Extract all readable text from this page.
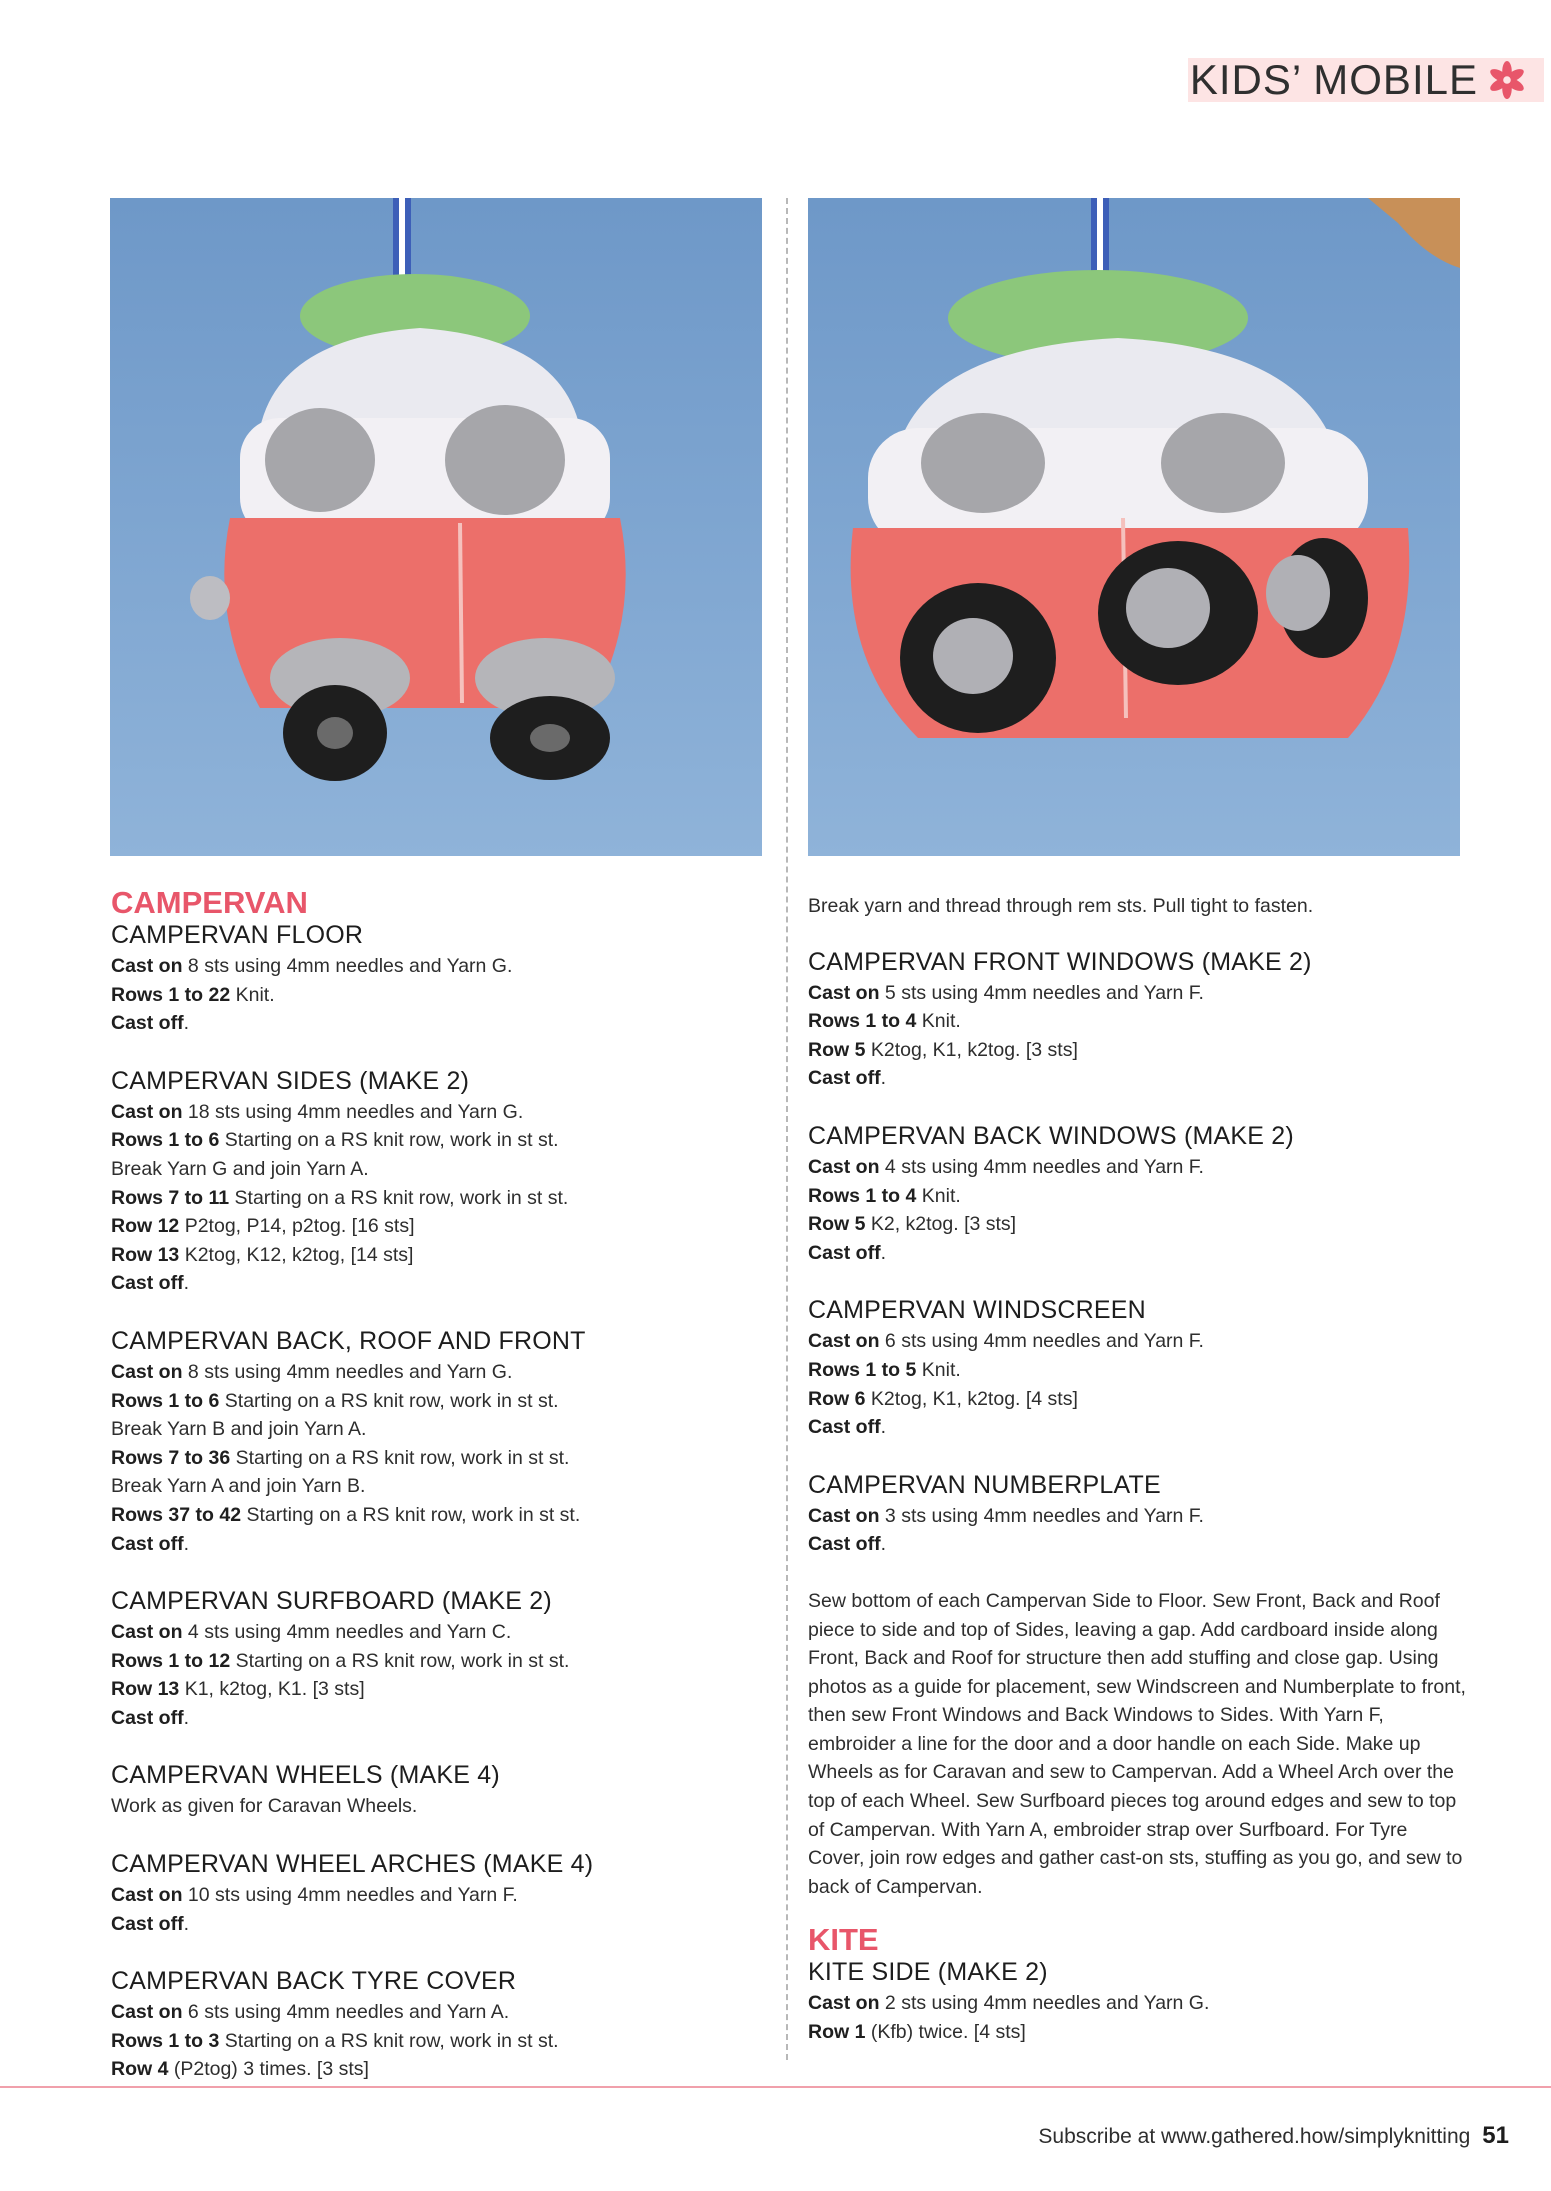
KIDS’ MOBILE
CAMPERVAN
CAMPERVAN FLOOR

Cast on 8 sts using 4mm needles and Yarn G.

Rows 1 to 22 Knit.

Cast off.

CAMPERVAN SIDES (MAKE 2)

Cast on 18 sts using 4mm needles and Yarn G.

Rows 1 to 6 Starting on a RS knit row, work in st st.

Break Yarn G and join Yarn A.

Rows 7 to 11 Starting on a RS knit row, work in st st.

Row 12 P2tog, P14, p2tog. [16 sts]

Row 13 K2tog, K12, k2tog, [14 sts]

Cast off.

CAMPERVAN BACK, ROOF AND FRONT

Cast on 8 sts using 4mm needles and Yarn G.

Rows 1 to 6 Starting on a RS knit row, work in st st.

Break Yarn B and join Yarn A.

Rows 7 to 36 Starting on a RS knit row, work in st st.

Break Yarn A and join Yarn B.

Rows 37 to 42 Starting on a RS knit row, work in st st.

Cast off.

CAMPERVAN SURFBOARD (MAKE 2)

Cast on 4 sts using 4mm needles and Yarn C.

Rows 1 to 12 Starting on a RS knit row, work in st st.

Row 13 K1, k2tog, K1. [3 sts]

Cast off.

CAMPERVAN WHEELS (MAKE 4)

Work as given for Caravan Wheels.

CAMPERVAN WHEEL ARCHES (MAKE 4)

Cast on 10 sts using 4mm needles and Yarn F.

Cast off.

CAMPERVAN BACK TYRE COVER

Cast on 6 sts using 4mm needles and Yarn A.

Rows 1 to 3 Starting on a RS knit row, work in st st.

Row 4 (P2tog) 3 times. [3 sts]

Break yarn and thread through rem sts. Pull tight to fasten.

CAMPERVAN FRONT WINDOWS (MAKE 2)

Cast on 5 sts using 4mm needles and Yarn F.

Rows 1 to 4 Knit.

Row 5 K2tog, K1, k2tog. [3 sts]

Cast off.

CAMPERVAN BACK WINDOWS (MAKE 2)

Cast on 4 sts using 4mm needles and Yarn F.

Rows 1 to 4 Knit.

Row 5 K2, k2tog. [3 sts]

Cast off.

CAMPERVAN WINDSCREEN

Cast on 6 sts using 4mm needles and Yarn F.

Rows 1 to 5 Knit.

Row 6 K2tog, K1, k2tog. [4 sts]

Cast off.

CAMPERVAN NUMBERPLATE

Cast on 3 sts using 4mm needles and Yarn F.

Cast off.

Sew bottom of each Campervan Side to Floor. Sew Front, Back and Roof piece to side and top of Sides, leaving a gap. Add cardboard inside along Front, Back and Roof for structure then add stuffing and close gap. Using photos as a guide for placement, sew Windscreen and Numberplate to front, then sew Front Windows and Back Windows to Sides. With Yarn F, embroider a line for the door and a door handle on each Side. Make up Wheels as for Caravan and sew to Campervan. Add a Wheel Arch over the top of each Wheel. Sew Surfboard pieces tog around edges and sew to top of Campervan. With Yarn A, embroider strap over Surfboard. For Tyre Cover, join row edges and gather cast-on sts, stuffing as you go, and sew to back of Campervan.

KITE
KITE SIDE (MAKE 2)

Cast on 2 sts using 4mm needles and Yarn G.

Row 1 (Kfb) twice. [4 sts]

Subscribe at www.gathered.how/simplyknitting 51
